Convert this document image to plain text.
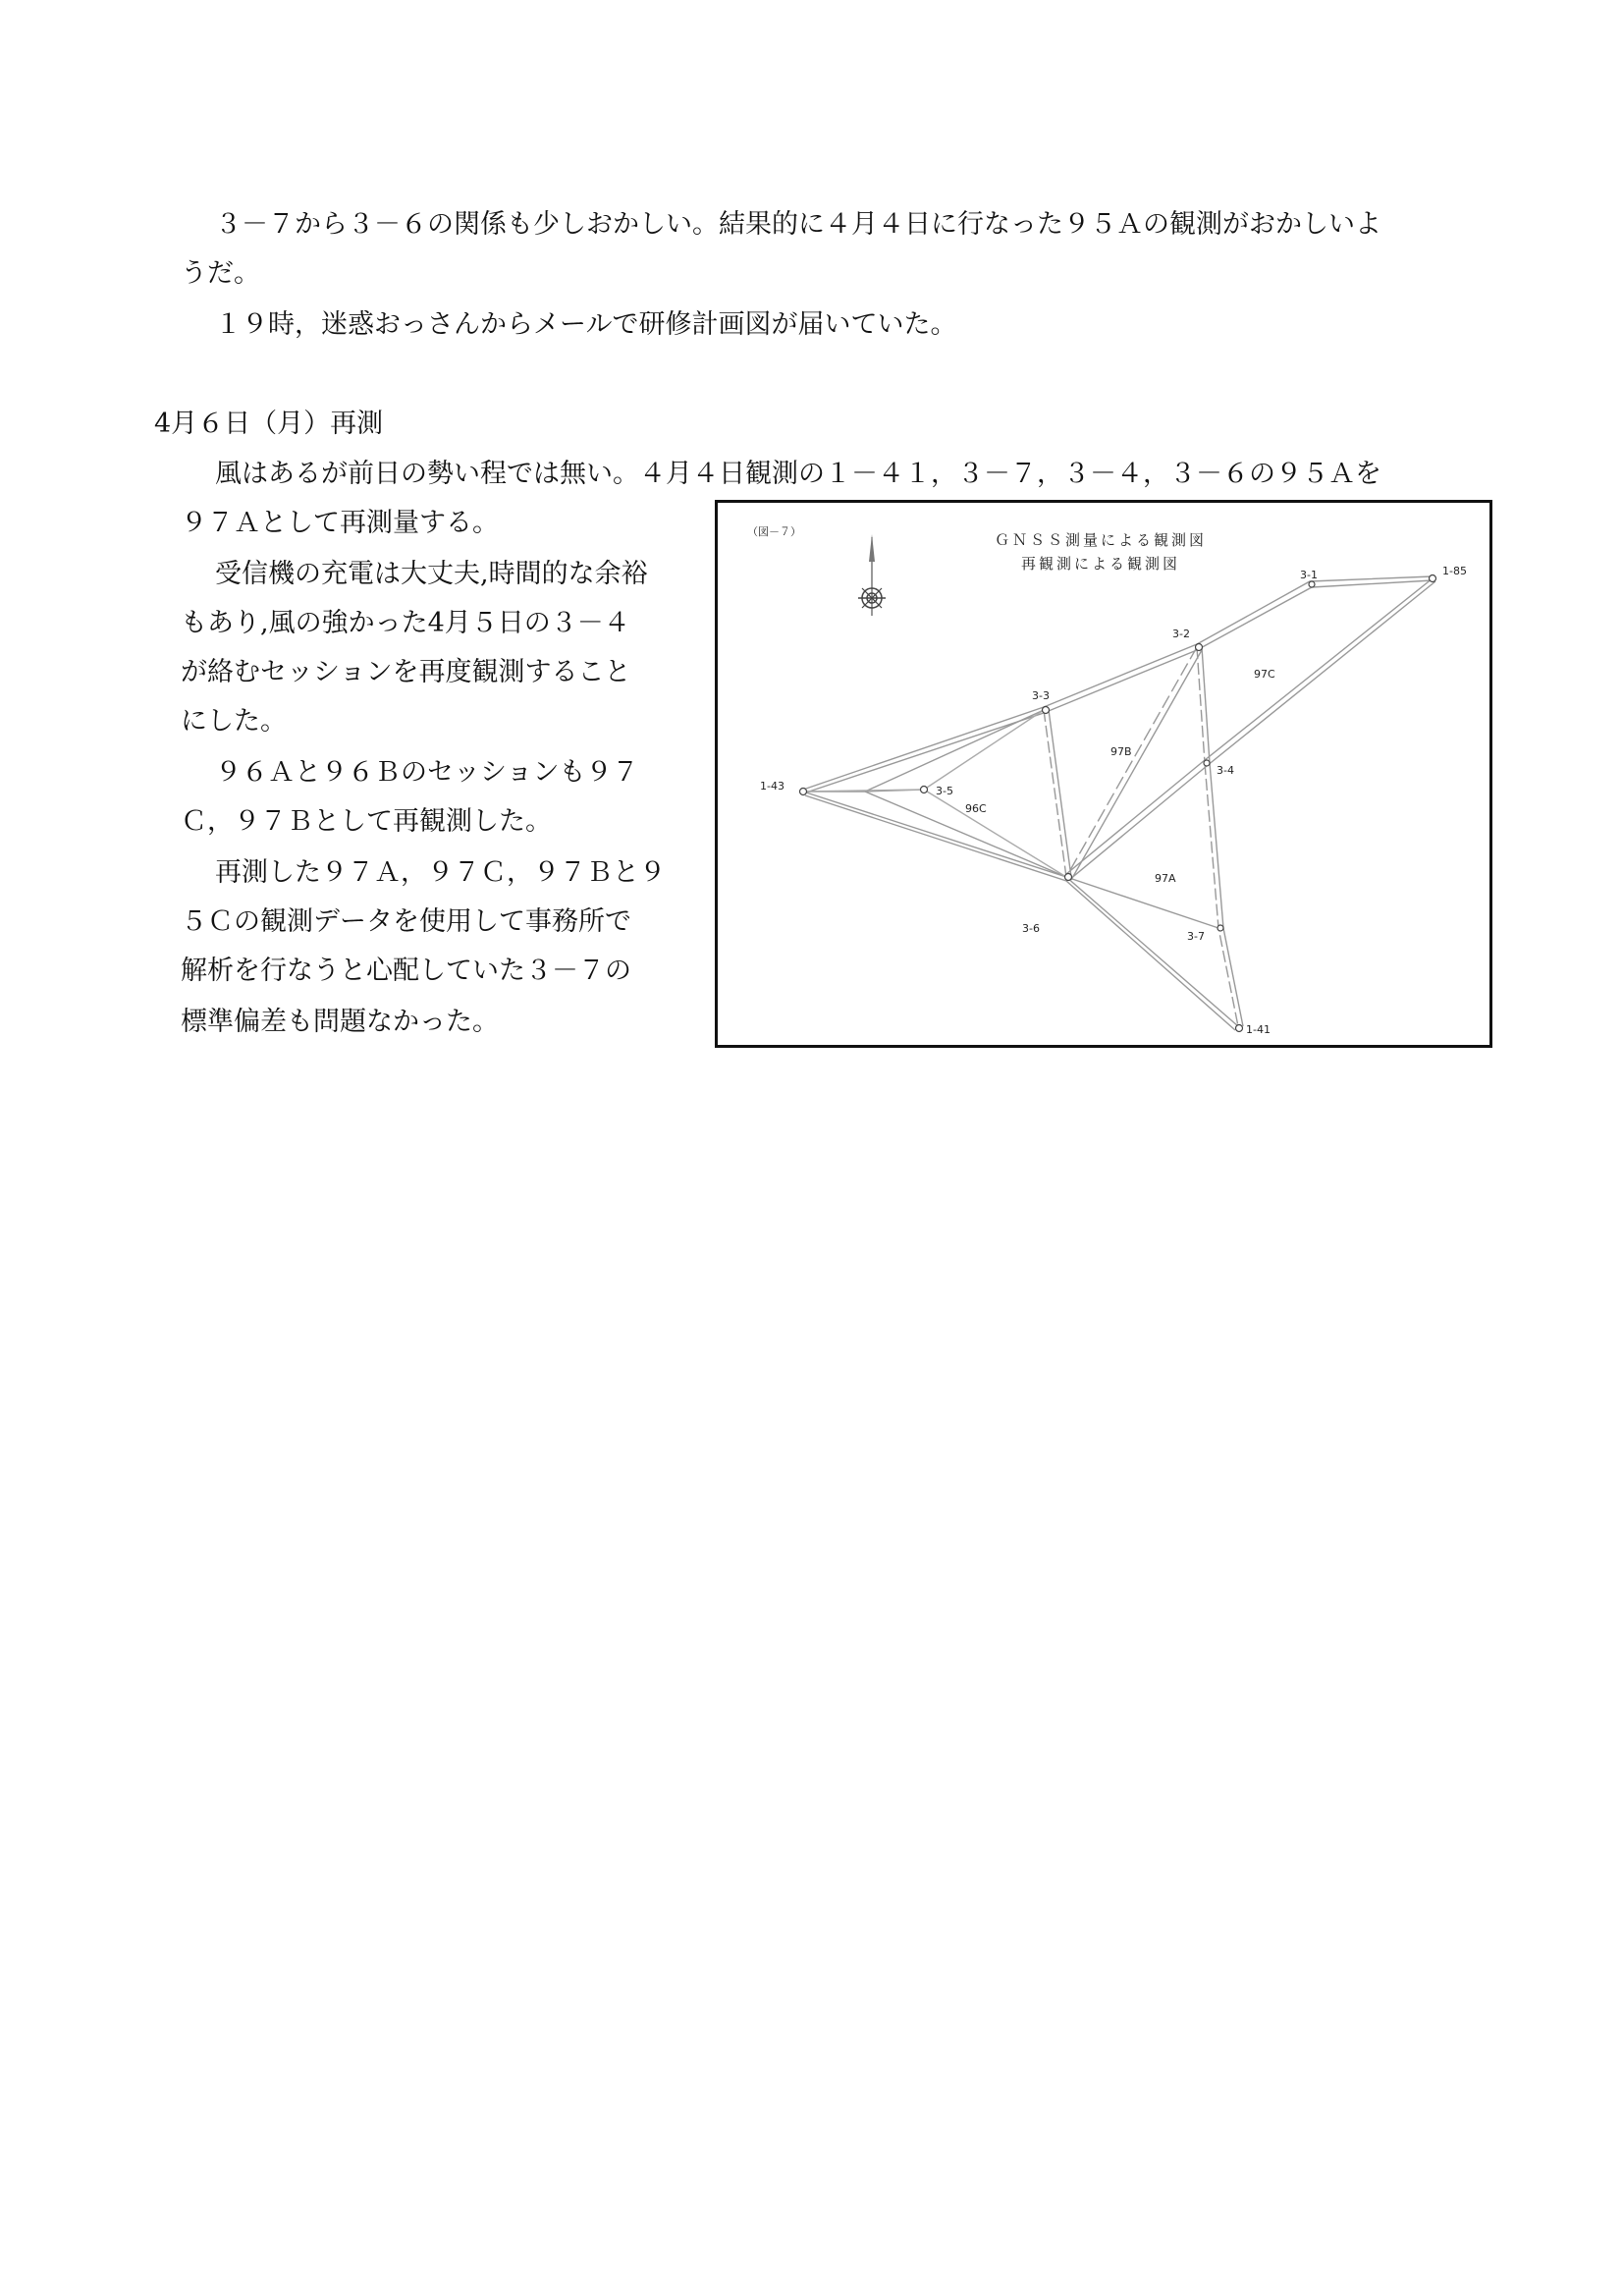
３－７から３－６の関係も少しおかしい。結果的に４月４日に行なった９５Ａの観測がおかしいよ
うだ。
１９時，迷惑おっさんからメールで研修計画図が届いていた。
4月６日（月）再測
風はあるが前日の勢い程では無い。４月４日観測の１－４１，３－７，３－４，３－６の９５Ａを
９７Ａとして再測量する。
受信機の充電は大丈夫,時間的な余裕
もあり,風の強かった4月５日の３－４
が絡むセッションを再度観測すること
にした。
９６Ａと９６Ｂのセッションも９７
Ｃ，９７Ｂとして再観測した。
再測した９７Ａ，９７Ｃ，９７Ｂと９
５Ｃの観測データを使用して事務所で
解析を行なうと心配していた３－７の
標準偏差も問題なかった。
（図－７）	ＧＮＳＳ測量による観測図
再観測による観測図	1-85
3-1
3-2
3-3
1-43	3-5
3-4
3-6
3-7
1-41
97C
97B
96C
97A
